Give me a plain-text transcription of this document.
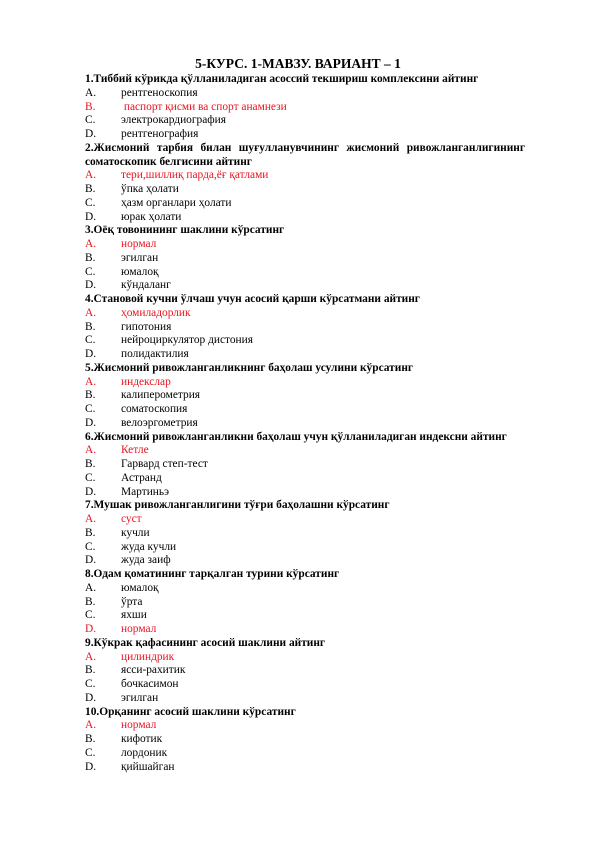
5-КУРС. 1-МАВЗУ. ВАРИАНТ – 1
1.Тиббий кўрикда қўлланиладиган асоссий текшириш комплексини айтинг
A.	рентгеноскопия
B.	паспорт қисми ва спорт анамнези
C.	электрокардиография
D.	рентгенография
2.Жисмоний тарбия билан шуғулланувчининг жисмоний ривожланганлигининг соматоскопик белгисини айтинг
A.	тери,шиллиқ парда,ёғ қатлами
B.	ўпка ҳолати
C.	ҳазм органлари ҳолати
D.	юрак ҳолати
3.Оёқ товонининг шаклини кўрсатинг
A.	нормал
B.	эгилган
C.	юмалоқ
D.	кўндаланг
4.Становой кучни ўлчаш учун асосий қарши кўрсатмани айтинг
A.	ҳомиладорлик
B.	гипотония
C.	нейроциркулятор дистония
D.	полидактилия
5.Жисмоний ривожланганликнинг баҳолаш усулини кўрсатинг
A.	индекслар
B.	калиперометрия
C.	соматоскопия
D.	велоэргометрия
6.Жисмоний ривожланганликни баҳолаш учун қўлланиладиган индексни айтинг
A.	Кетле
B.	Гарвард степ-тест
C.	Астранд
D.	Мартиньэ
7.Мушак ривожланганлигини тўғри баҳолашни кўрсатинг
A.	суст
B.	кучли
C.	жуда кучли
D.	жуда заиф
8.Одам қоматининг тарқалган турини кўрсатинг
A.	юмалоқ
B.	ўрта
C.	яхши
D.	нормал
9.Кўкрак қафасининг асосий шаклини айтинг
A.	цилиндрик
B.	ясси-рахитик
C.	бочкасимон
D.	эгилган
10.Орқанинг асосий шаклини кўрсатинг
A.	нормал
B.	кифотик
C.	лордоник
D.	қийшайган
